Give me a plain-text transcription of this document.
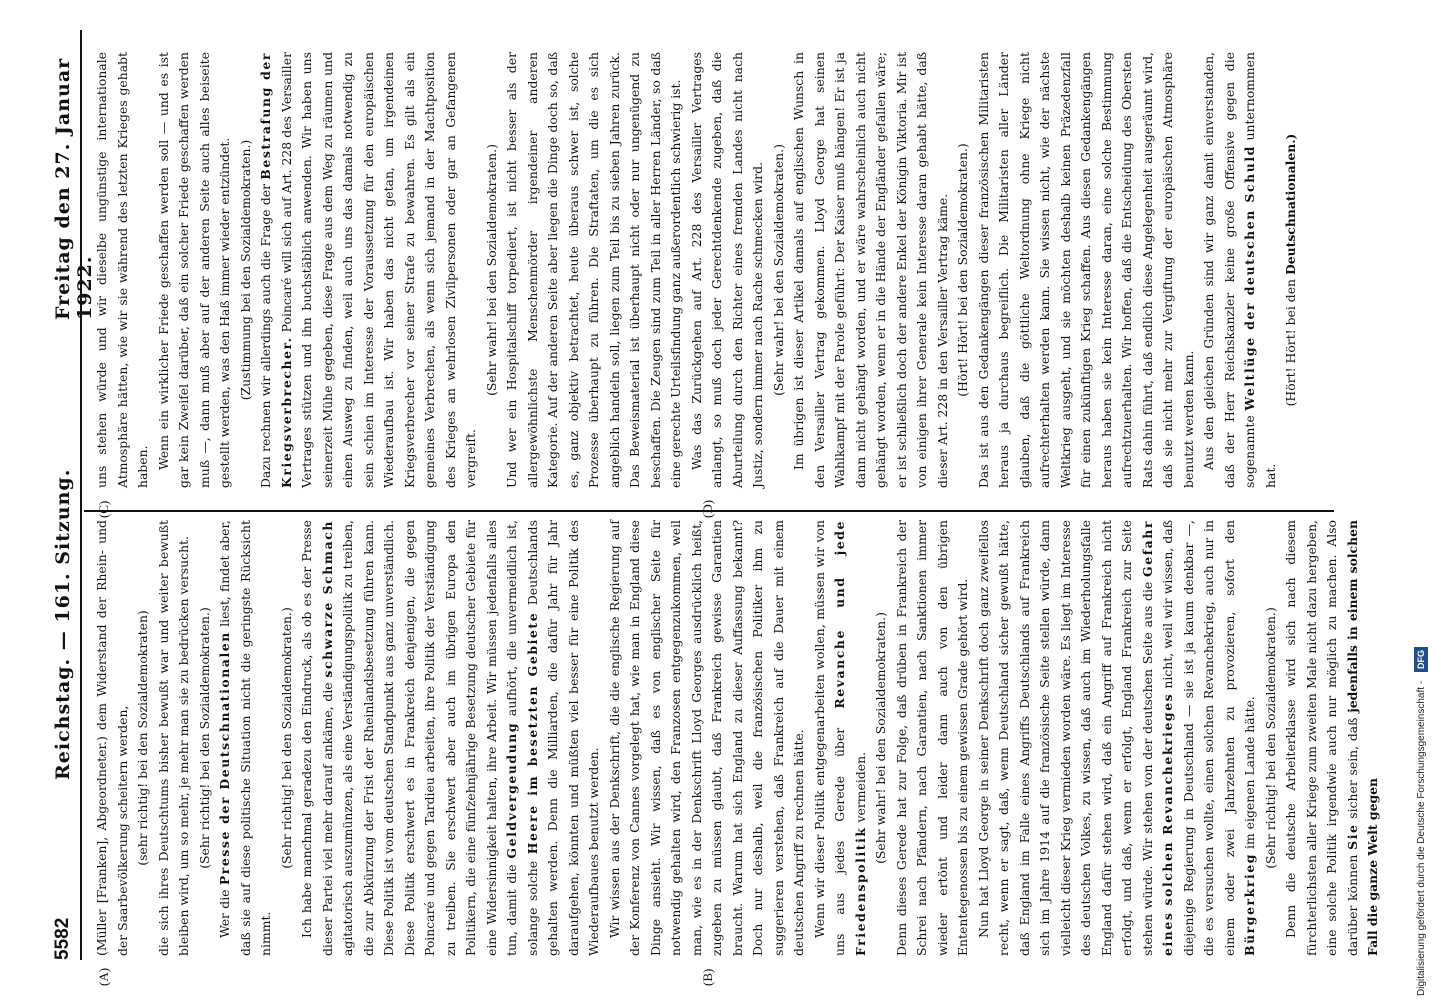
5582
Reichstag. — 161. Sitzung.
Freitag den 27. Januar 1922.
(A)	(B)
(C)	(D)

(Müller [Franken], Abgeordneter.) dem Widerstand der Rhein- und der Saarbevölkerung scheitern werden, (sehr richtig! bei den Sozialdemokraten) die sich ihres Deutschtums bisher bewußt war und weiter bewußt bleiben wird, um so mehr, je mehr man sie zu bedrücken versucht. (Sehr richtig! bei den Sozialdemokraten.)

Wer die Presse der Deutschnationalen liest, findet aber, daß sie auf diese politische Situation nicht die geringste Rücksicht nimmt.

(Sehr richtig! bei den Sozialdemokraten.) Ich habe manchmal geradezu den Eindruck, als ob es der Presse dieser Partei viel mehr darauf ankäme, die schwarze Schmach agitatorisch auszumünzen, als eine Verständigungspolitik zu treiben, die zur Abkürzung der Frist der Rheinlandsbesetzung führen kann. Diese Politik ist vom deutschen Standpunkt aus ganz unverständlich. Diese Politik erschwert es in Frankreich denjenigen, die gegen Poincaré und gegen Tardieu arbeiten, ihre Politik der Verständigung zu treiben. Sie erschwert aber auch im übrigen Europa den Politikern, die eine fünfzehnjährige Besetzung deutscher Gebiete für eine Widersinnigkeit halten, ihre Arbeit. Wir müssen jedenfalls alles tun, damit die Geldvergeudung aufhört, die unvermeidlich ist, solange solche Heere im besetzten Gebiete Deutschlands gehalten werden. Denn die Milliarden, die dafür Jahr für Jahr daraufgehen, könnten und müßten viel besser für eine Politik des Wiederaufbaues benutzt werden. Wir wissen aus der Denkschrift, die die englische Regierung auf der Konferenz von Cannes vorgelegt hat, wie man in England diese Dinge ansieht. Wir wissen, daß es von englischer Seite für notwendig gehalten wird, den Franzosen entgegenzukommen, weil man, wie es in der Denkschrift Lloyd Georges ausdrücklich heißt, zugeben zu müssen glaubt, daß Frankreich gewisse Garantien braucht. Warum hat sich England zu dieser Auffassung bekannt? Doch nur deshalb, weil die französischen Politiker ihm zu suggerieren verstehen, daß Frankreich auf die Dauer mit einem deutschen Angriff zu rechnen hätte. Wenn wir dieser Politik entgegenarbeiten wollen, müssen wir von uns aus jedes Gerede über Revanche und jede Friedenspolitik vermeiden. (Sehr wahr! bei den Sozialdemokraten.) Denn dieses Gerede hat zur Folge, daß drüben in Frankreich der Schrei nach Pfändern, nach Garantien, nach Sanktionen immer wieder ertönt und leider dann auch von den übrigen Ententegenossen bis zu einem gewissen Grade gehört wird. Nun hat Lloyd George in seiner Denkschrift doch ganz zweifellos recht, wenn er sagt, daß, wenn Deutschland sicher gewußt hätte, daß England im Falle eines Angriffs Deutschlands auf Frankreich sich im Jahre 1914 auf die französische Seite stellen würde, dann vielleicht dieser Krieg vermieden worden wäre. Es liegt im Interesse des deutschen Volkes, zu wissen, daß auch im Wiederholungsfalle England dafür stehen wird, daß ein Angriff auf Frankreich nicht erfolgt, und daß, wenn er erfolgt, England Frankreich zur Seite stehen würde. Wir stehen von der deutschen Seite aus die Gefahr eines solchen Revanchekrieges nicht, weil wir wissen, daß diejenige Regierung in Deutschland — sie ist ja kaum denkbar —, die es versuchen wollte, einen solchen Revanchekrieg, auch nur in einem oder zwei Jahrzehnten zu provozieren, sofort den Bürgerkrieg im eigenen Lande hätte. (Sehr richtig! bei den Sozialdemokraten.) Denn die deutsche Arbeiterklasse wird sich nach diesem fürchterlichsten aller Kriege zum zweiten Male nicht dazu hergeben, eine solche Politik irgendwie auch nur möglich zu machen. Also darüber können Sie sicher sein, daß jedenfalls in einem solchen Fall die ganze Welt gegen

uns stehen würde und wir dieselbe ungünstige internationale Atmosphäre hätten, wie wir sie während des letzten Krieges gehabt haben. Wenn ein wirklicher Friede geschaffen werden soll — und es ist gar kein Zweifel darüber, daß ein solcher Friede geschaffen werden muß —, dann muß aber auf der anderen Seite auch alles beiseite gestellt werden, was den Haß immer wieder entzündet. (Zustimmung bei den Sozialdemokraten.) Dazu rechnen wir allerdings auch die Frage der Bestrafung der Kriegsverbrecher. Poincaré will sich auf Art. 228 des Versailler Vertrages stützen und ihn buchstäblich anwenden. Wir haben uns seinerzeit Mühe gegeben, diese Frage aus dem Weg zu räumen und einen Ausweg zu finden, weil auch uns das damals notwendig zu sein schien im Interesse der Voraussetzung für den europäischen Wiederaufbau ist. Wir haben das nicht getan, um irgendeinen Kriegsverbrecher vor seiner Strafe zu bewahren. Es gilt als ein gemeines Verbrechen, als wenn sich jemand in der Machtposition des Krieges an wehrlosen Zivilpersonen oder gar an Gefangenen vergreift.

(Sehr wahr! bei den Sozialdemokraten.) Und wer ein Hospitalschiff torpediert, ist nicht besser als der allergewöhnlichste Menschenmörder irgendeiner anderen Kategorie. Auf der anderen Seite aber liegen die Dinge doch so, daß es, ganz objektiv betrachtet, heute überaus schwer ist, solche Prozesse überhaupt zu führen. Die Straftaten, um die es sich angeblich handeln soll, liegen zum Teil bis zu sieben Jahren zurück. Das Beweismaterial ist überhaupt nicht oder nur ungenügend zu beschaffen. Die Zeugen sind zum Teil in aller Herren Länder, so daß eine gerechte Urteilsfindung ganz außerordentlich schwierig ist. Was das Zurückgehen auf Art. 228 des Versailler Vertrages anlangt, so muß doch jeder Gerechtdenkende zugeben, daß die Aburteilung durch den Richter eines fremden Landes nicht nach Justiz, sondern immer nach Rache schmecken wird. (Sehr wahr! bei den Sozialdemokraten.) Im übrigen ist dieser Artikel damals auf englischen Wunsch in den Versailler Vertrag gekommen. Lloyd George hat seinen Wahlkampf mit der Parole geführt: Der Kaiser muß hängen! Er ist ja dann nicht gehängt worden, und er wäre wahrscheinlich auch nicht gehängt worden, wenn er in die Hände der Engländer gefallen wäre; er ist schließlich doch der andere Enkel der Königin Viktoria. Mir ist von einigen ihrer Generale kein Interesse daran gehabt hätte, daß dieser Art. 228 in den Versailler Vertrag käme. (Hört! Hört! bei den Sozialdemokraten.) Das ist aus den Gedankengängen dieser französischen Militaristen heraus ja durchaus begreiflich. Die Militaristen aller Länder glauben, daß die göttliche Weltordnung ohne Kriege nicht aufrechterhalten werden kann. Sie wissen nicht, wie der nächste Weltkrieg ausgeht, und sie möchten deshalb keinen Präzedenzfall für einen zukünftigen Krieg schaffen. Aus diesen Gedankengängen heraus haben sie kein Interesse daran, eine solche Bestimmung aufrechtzuerhalten. Wir hoffen, daß die Entscheidung des Obersten Rats dahin führt, daß endlich diese Angelegenheit ausgeräumt wird, daß sie nicht mehr zur Vergiftung der europäischen Atmosphäre benutzt werden kann. Aus den gleichen Gründen sind wir ganz damit einverstanden, daß der Herr Reichskanzler keine große Offensive gegen die sogenannte Weltlüge der deutschen Schuld unternommen hat.

(Hört! Hört! bei den Deutschnationalen.)

Digitalisierung gefördert durch die Deutsche Forschungsgemeinschaft - DFG
